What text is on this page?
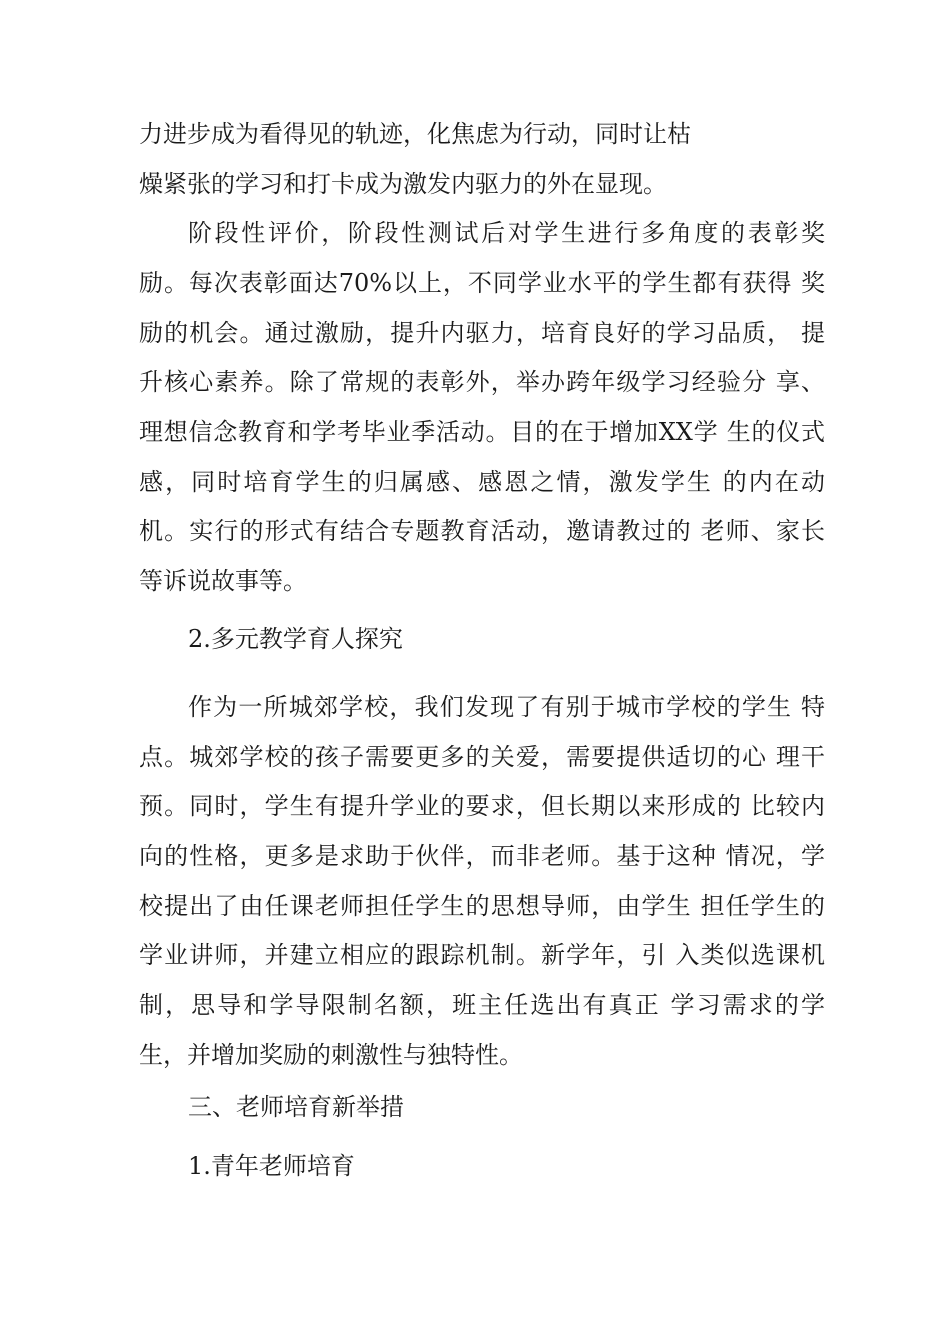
力进步成为看得见的轨迹，化焦虑为行动，同时让枯
燥紧张的学习和打卡成为激发内驱力的外在显现。
阶段性评价，阶段性测试后对学生进行多角度的表彰奖
励。每次表彰面达70%以上，不同学业水平的学生都有获得 奖
励的机会。通过激励，提升内驱力，培育良好的学习品质， 提
升核心素养。除了常规的表彰外，举办跨年级学习经验分 享、
理想信念教育和学考毕业季活动。目的在于增加XX学 生的仪式
感，同时培育学生的归属感、感恩之情，激发学生 的内在动
机。实行的形式有结合专题教育活动，邀请教过的 老师、家长
等诉说故事等。
2.多元教学育人探究
作为一所城郊学校，我们发现了有别于城市学校的学生 特
点。城郊学校的孩子需要更多的关爱，需要提供适切的心 理干
预。同时，学生有提升学业的要求，但长期以来形成的 比较内
向的性格，更多是求助于伙伴，而非老师。基于这种 情况，学
校提出了由任课老师担任学生的思想导师，由学生 担任学生的
学业讲师，并建立相应的跟踪机制。新学年，引 入类似选课机
制，思导和学导限制名额，班主任选出有真正 学习需求的学
生，并增加奖励的刺激性与独特性。
三、老师培育新举措
1.青年老师培育
